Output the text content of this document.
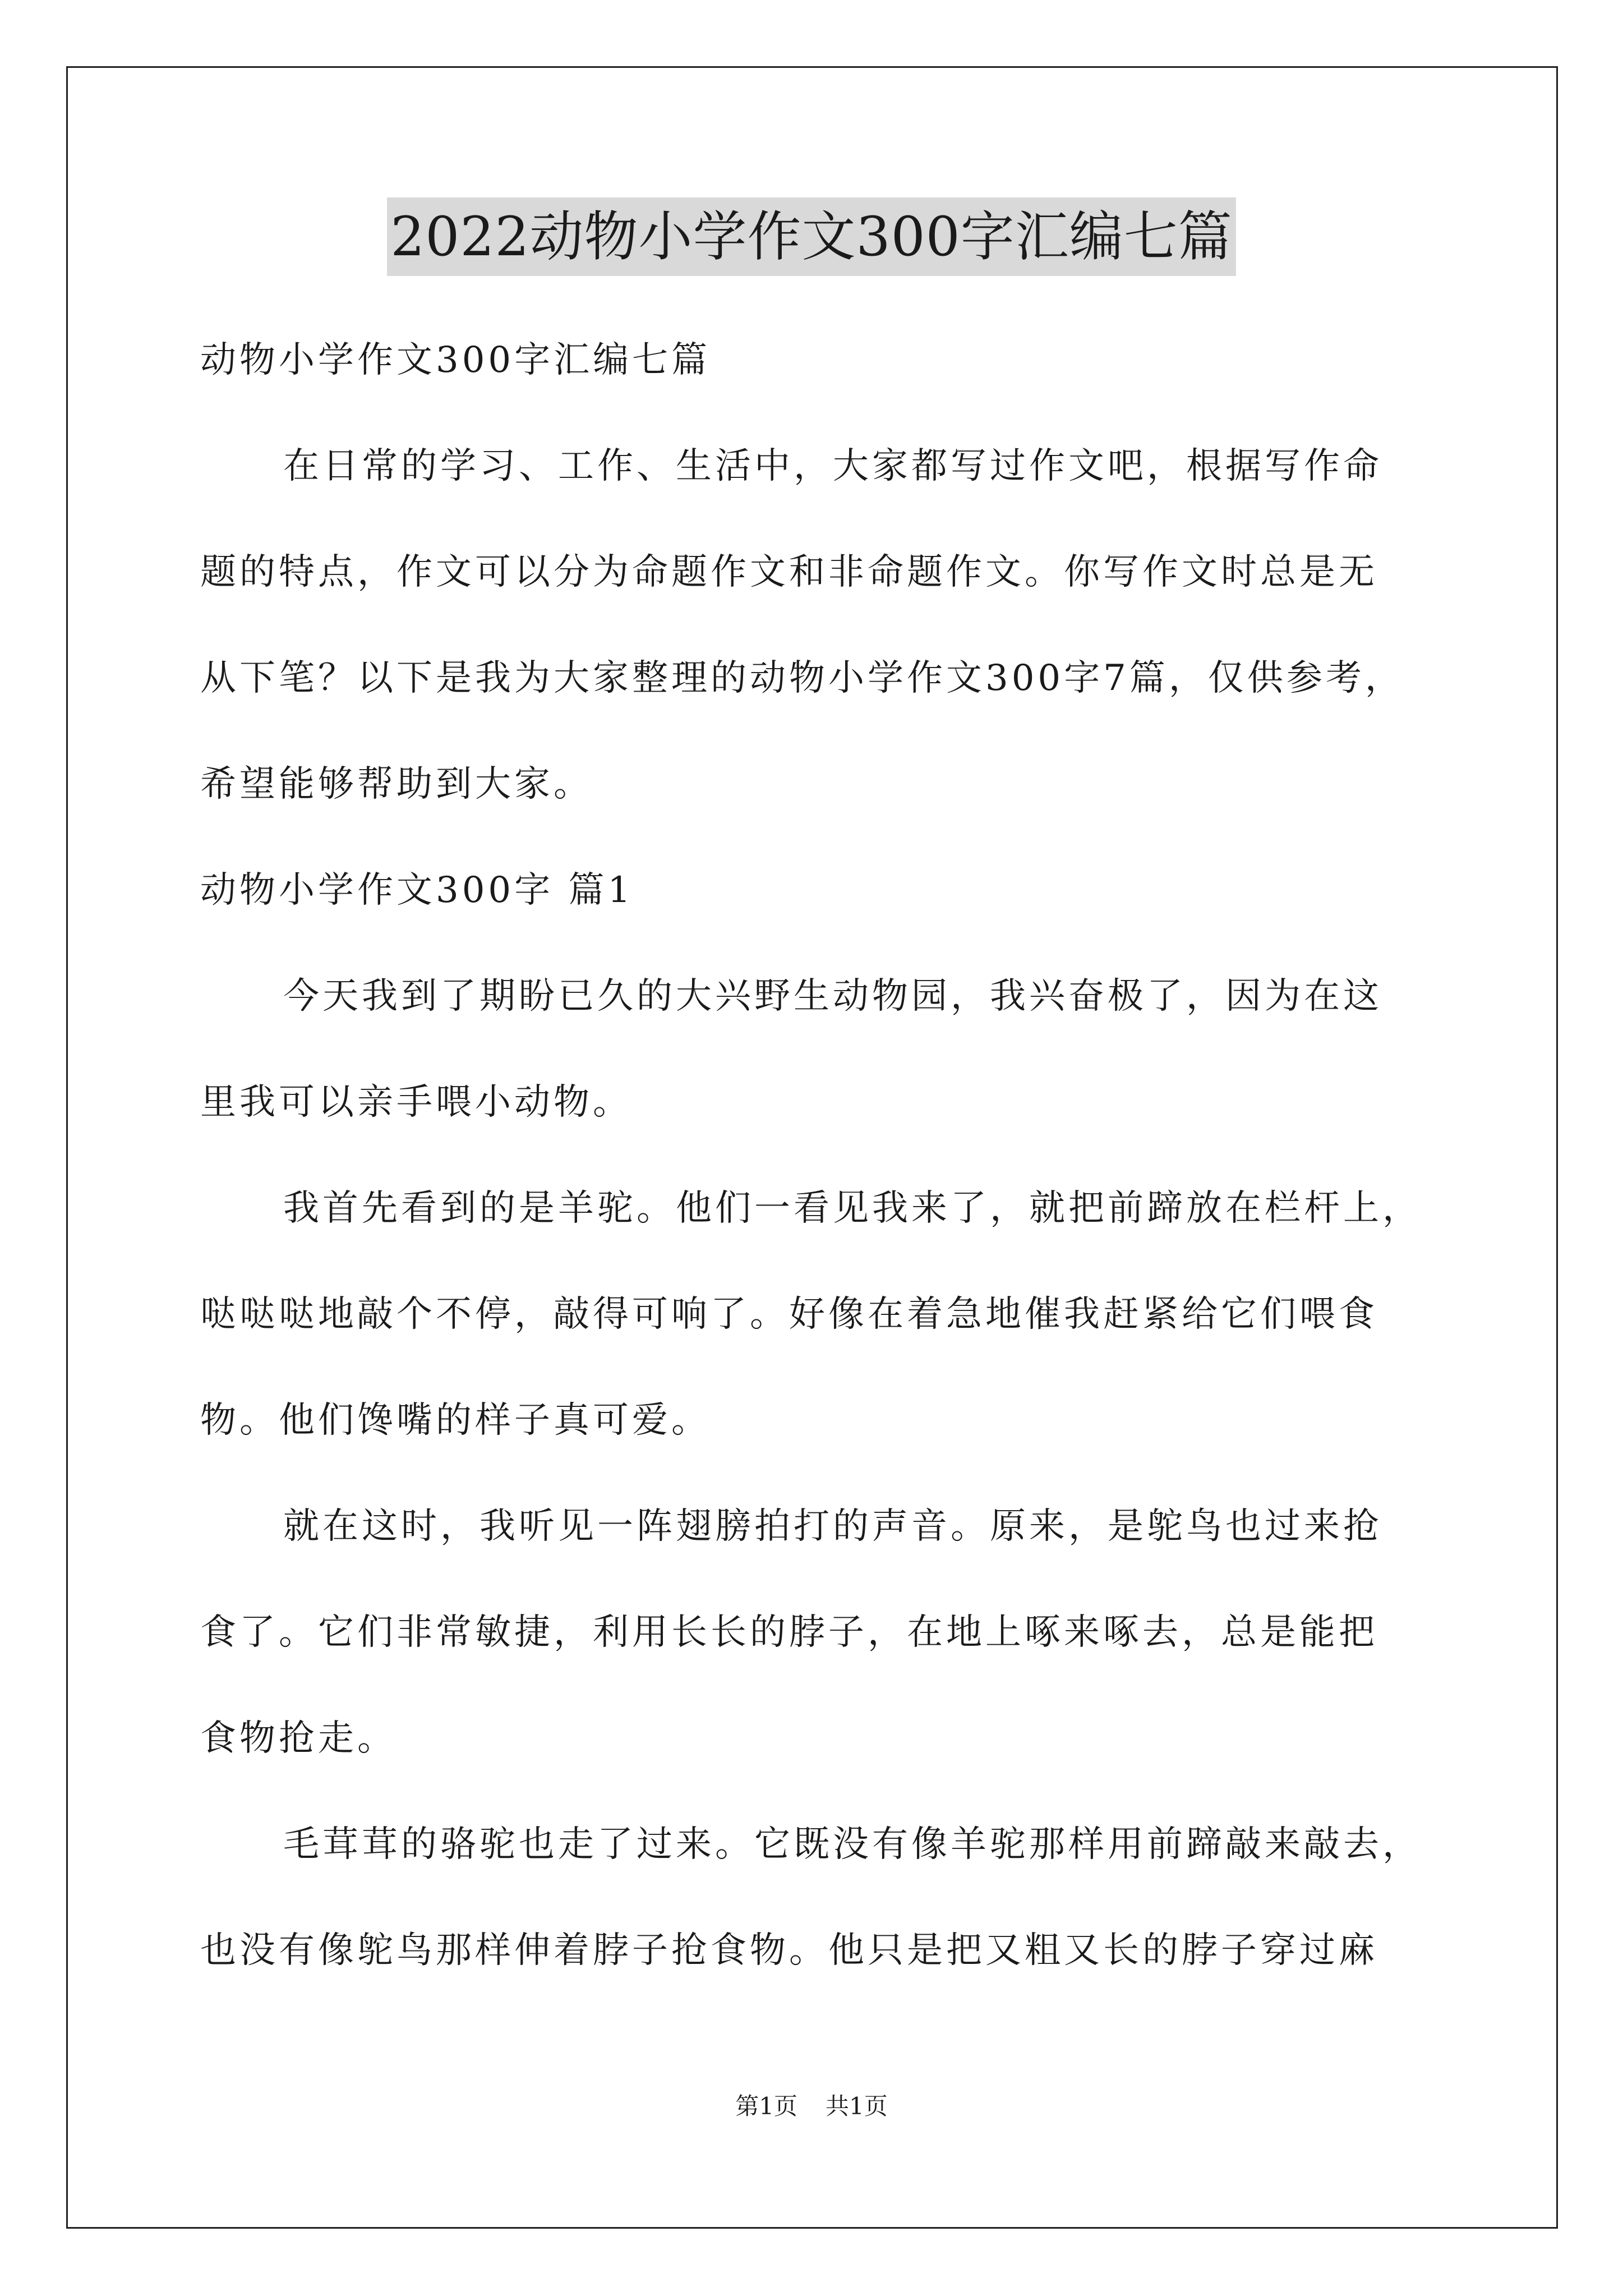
2022动物小学作文300字汇编七篇
动物小学作文300字汇编七篇
在日常的学习、工作、生活中，大家都写过作文吧，根据写作命
题的特点，作文可以分为命题作文和非命题作文。你写作文时总是无
从下笔？以下是我为大家整理的动物小学作文300字7篇，仅供参考，
希望能够帮助到大家。
动物小学作文300字 篇1
今天我到了期盼已久的大兴野生动物园，我兴奋极了，因为在这
里我可以亲手喂小动物。
我首先看到的是羊驼。他们一看见我来了，就把前蹄放在栏杆上，
哒哒哒地敲个不停，敲得可响了。好像在着急地催我赶紧给它们喂食
物。他们馋嘴的样子真可爱。
就在这时，我听见一阵翅膀拍打的声音。原来，是鸵鸟也过来抢
食了。它们非常敏捷，利用长长的脖子，在地上啄来啄去，总是能把
食物抢走。
毛茸茸的骆驼也走了过来。它既没有像羊驼那样用前蹄敲来敲去，
也没有像鸵鸟那样伸着脖子抢食物。他只是把又粗又长的脖子穿过麻
第1页 共1页
